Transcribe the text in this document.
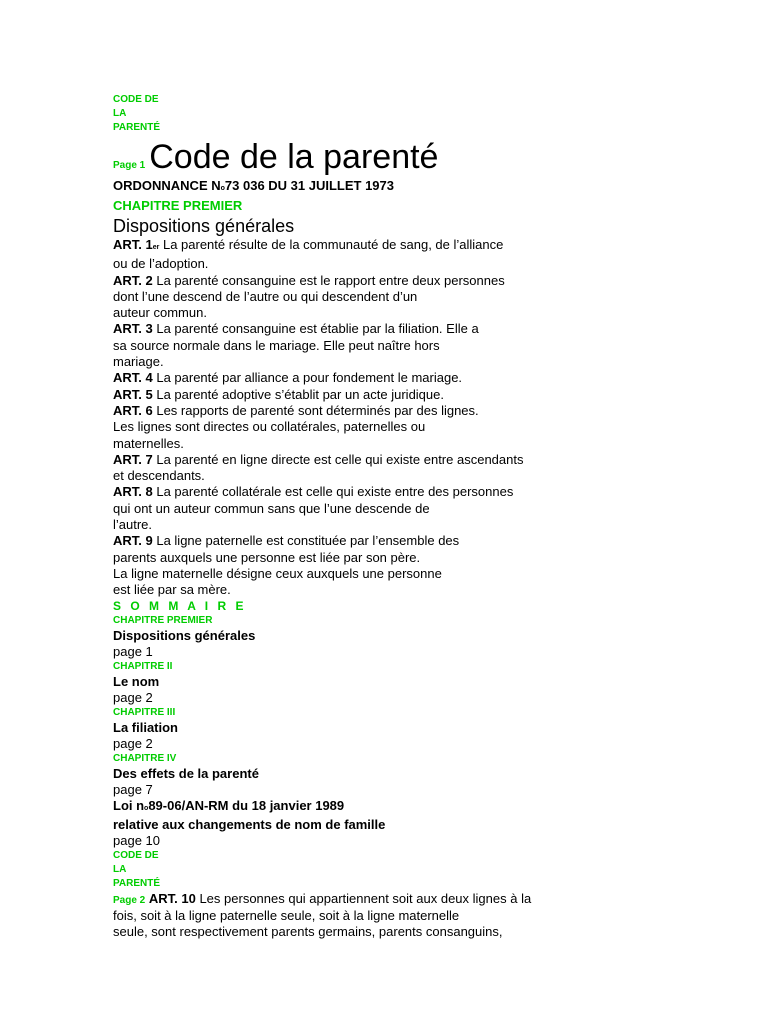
CODE DE
LA
PARENTÉ
Page 1 Code de la parenté
ORDONNANCE No73 036 DU 31 JUILLET 1973
CHAPITRE PREMIER
Dispositions générales

ART. 1er La parenté résulte de la communauté de sang, de l’alliance

ou de l’adoption.

ART. 2 La parenté consanguine est le rapport entre deux personnes

dont l’une descend de l’autre ou qui descendent d’un

auteur commun.

ART. 3 La parenté consanguine est établie par la filiation. Elle a

sa source normale dans le mariage. Elle peut naître hors

mariage.

ART. 4 La parenté par alliance a pour fondement le mariage.

ART. 5 La parenté adoptive s’établit par un acte juridique.

ART. 6 Les rapports de parenté sont déterminés par des lignes.

Les lignes sont directes ou collatérales, paternelles ou

maternelles.

ART. 7 La parenté en ligne directe est celle qui existe entre ascendants

et descendants.

ART. 8 La parenté collatérale est celle qui existe entre des personnes

qui ont un auteur commun sans que l’une descende de

l’autre.

ART. 9 La ligne paternelle est constituée par l’ensemble des

parents auxquels une personne est liée par son père.

La ligne maternelle désigne ceux auxquels une personne

est liée par sa mère.

S O M M A I R E
CHAPITRE PREMIER
Dispositions générales
page 1
CHAPITRE II
Le nom
page 2
CHAPITRE III
La filiation
page 2
CHAPITRE IV
Des effets de la parenté
page 7
Loi no89-06/AN-RM du 18 janvier 1989
relative aux changements de nom de famille
page 10
CODE DE
LA
PARENTÉ

Page 2 ART. 10 Les personnes qui appartiennent soit aux deux lignes à la

fois, soit à la ligne paternelle seule, soit à la ligne maternelle

seule, sont respectivement parents germains, parents consanguins,
